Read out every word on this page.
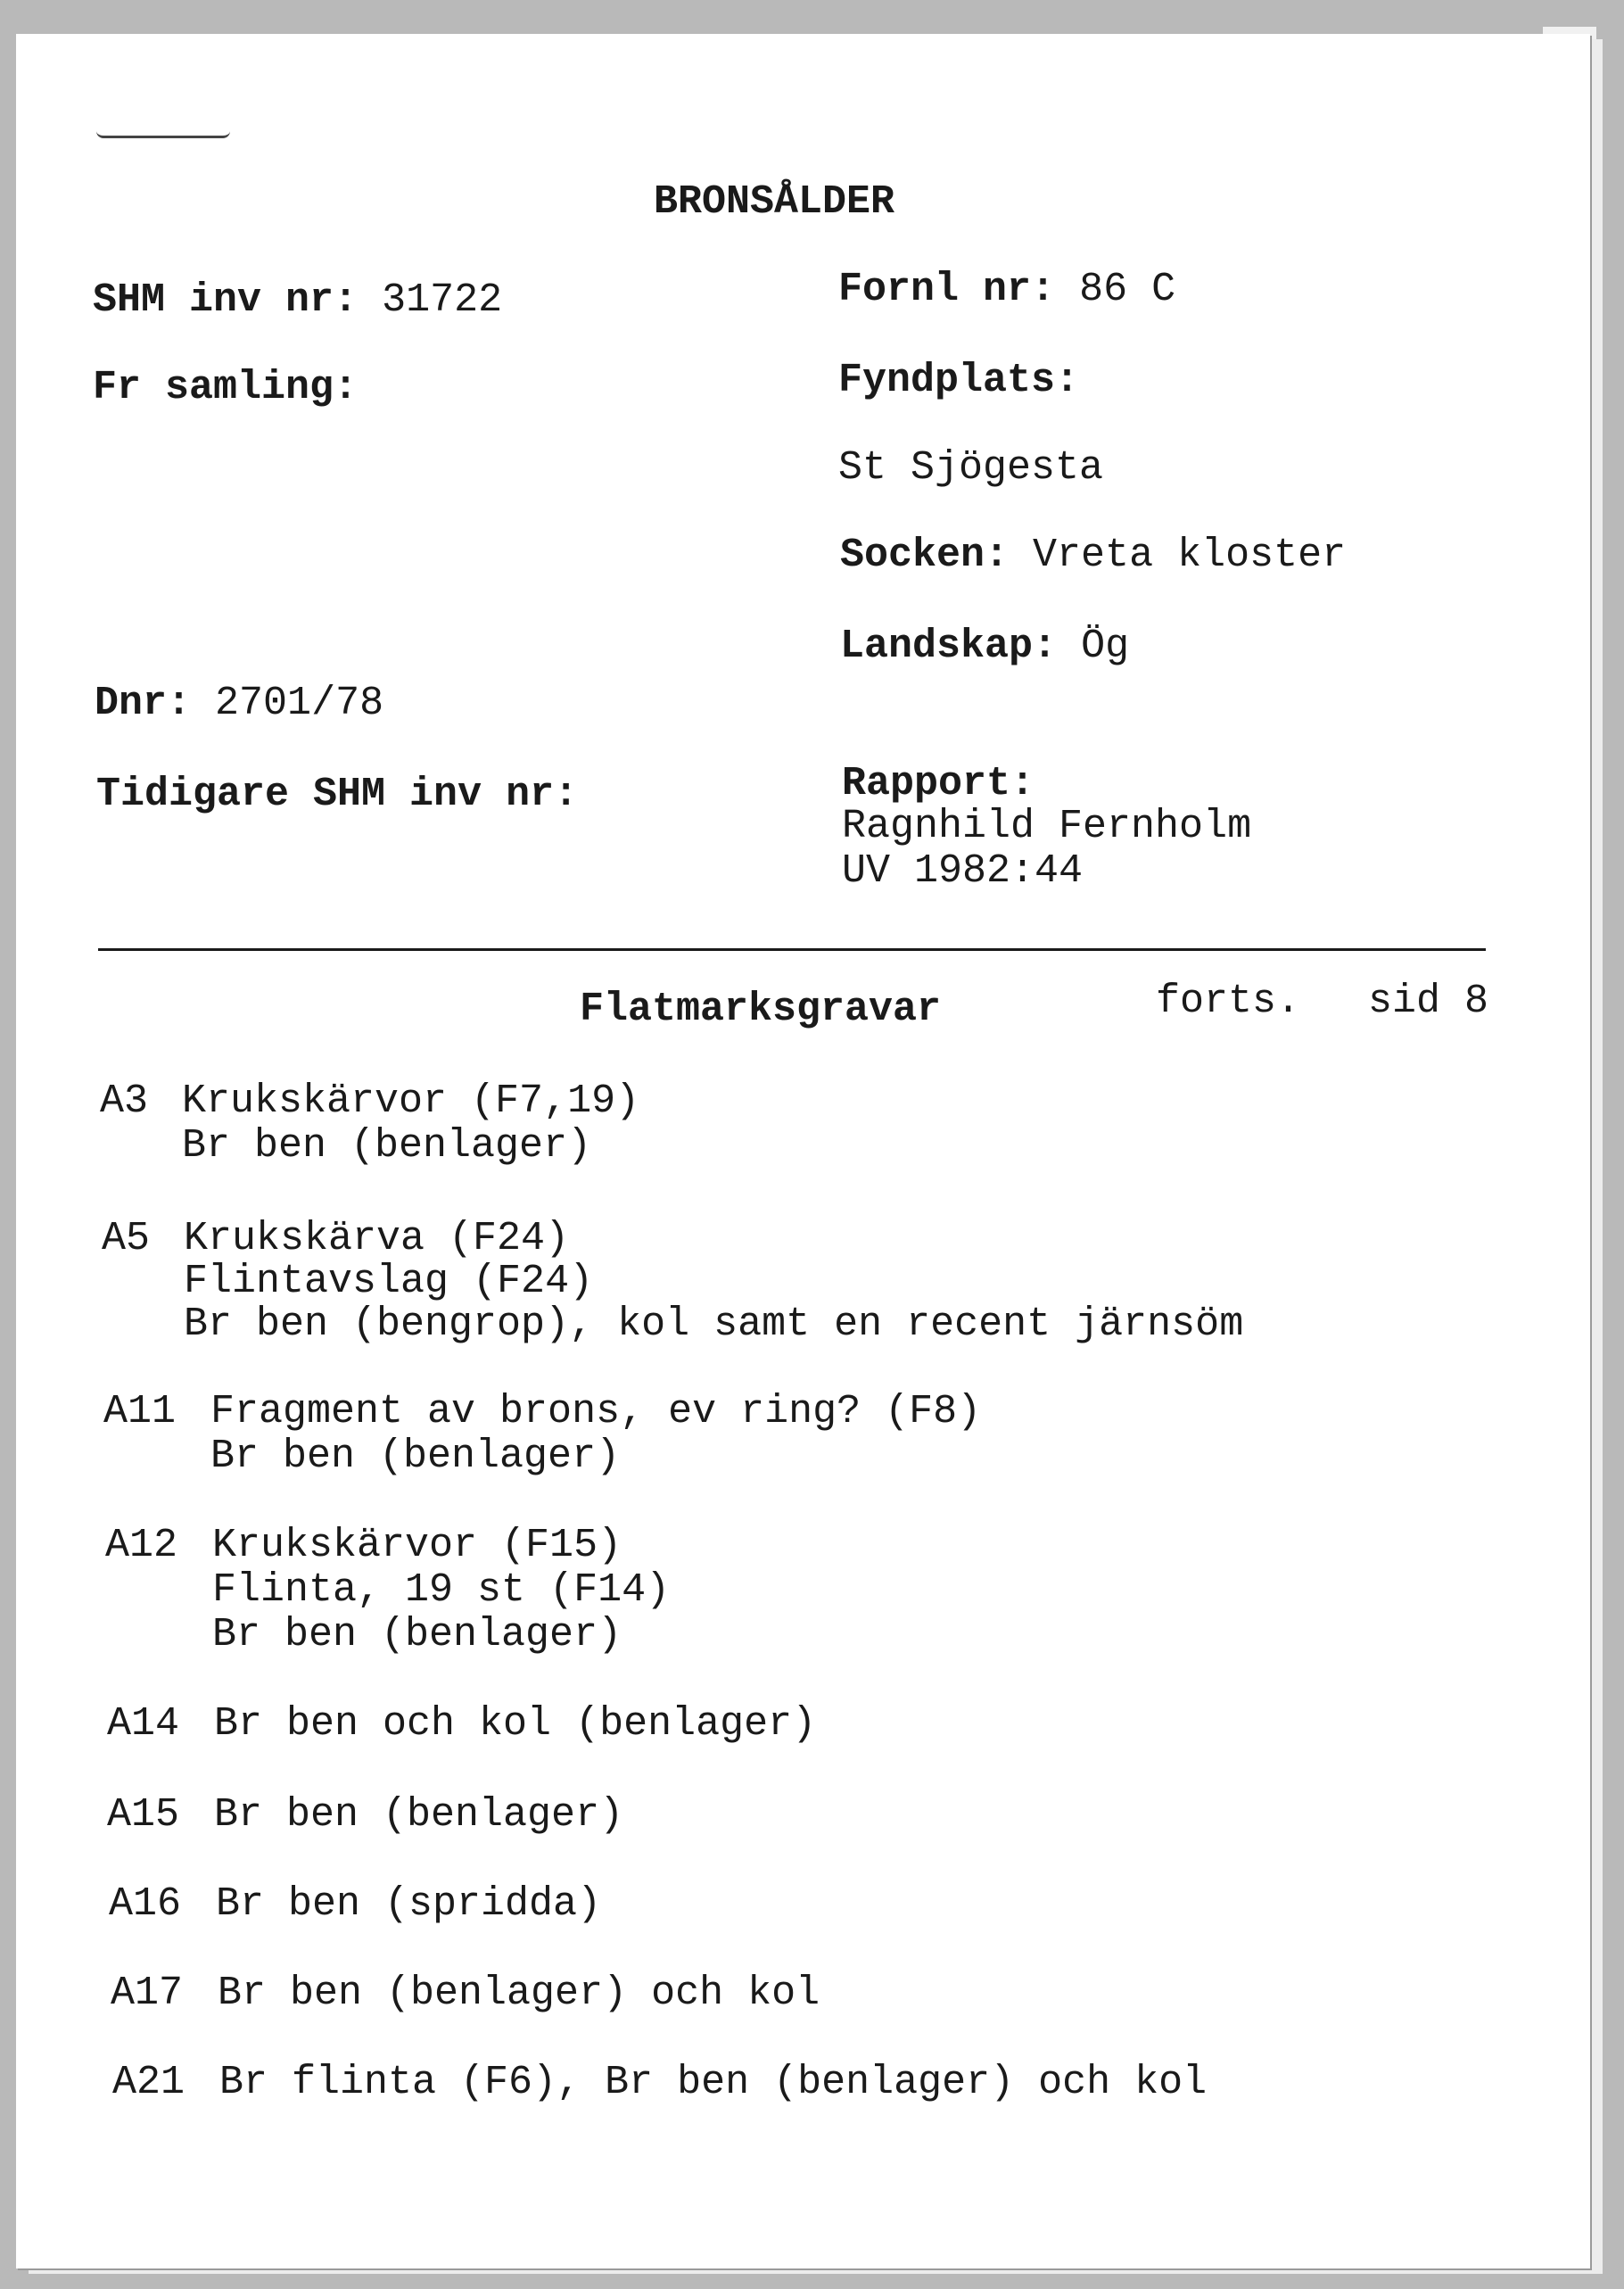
BRONSÅLDER
SHM inv nr: 31722
Fr samling:
Dnr: 2701/78
Tidigare SHM inv nr:
Fornl nr: 86 C
Fyndplats:
St Sjögesta
Socken: Vreta kloster
Landskap: Ög
Rapport:
Ragnhild Fernholm
UV 1982:44
Flatmarksgravar	forts. sid 8
A3 Krukskärvor (F7,19)
Br ben (benlager)
A5 Krukskärva (F24)
Flintavslag (F24)
Br ben (bengrop), kol samt en recent järnsöm
A11 Fragment av brons, ev ring? (F8)
Br ben (benlager)
A12 Krukskärvor (F15)
Flinta, 19 st (F14)
Br ben (benlager)
A14 Br ben och kol (benlager)
A15 Br ben (benlager)
A16 Br ben (spridda)
A17 Br ben (benlager) och kol
A21 Br flinta (F6), Br ben (benlager) och kol
